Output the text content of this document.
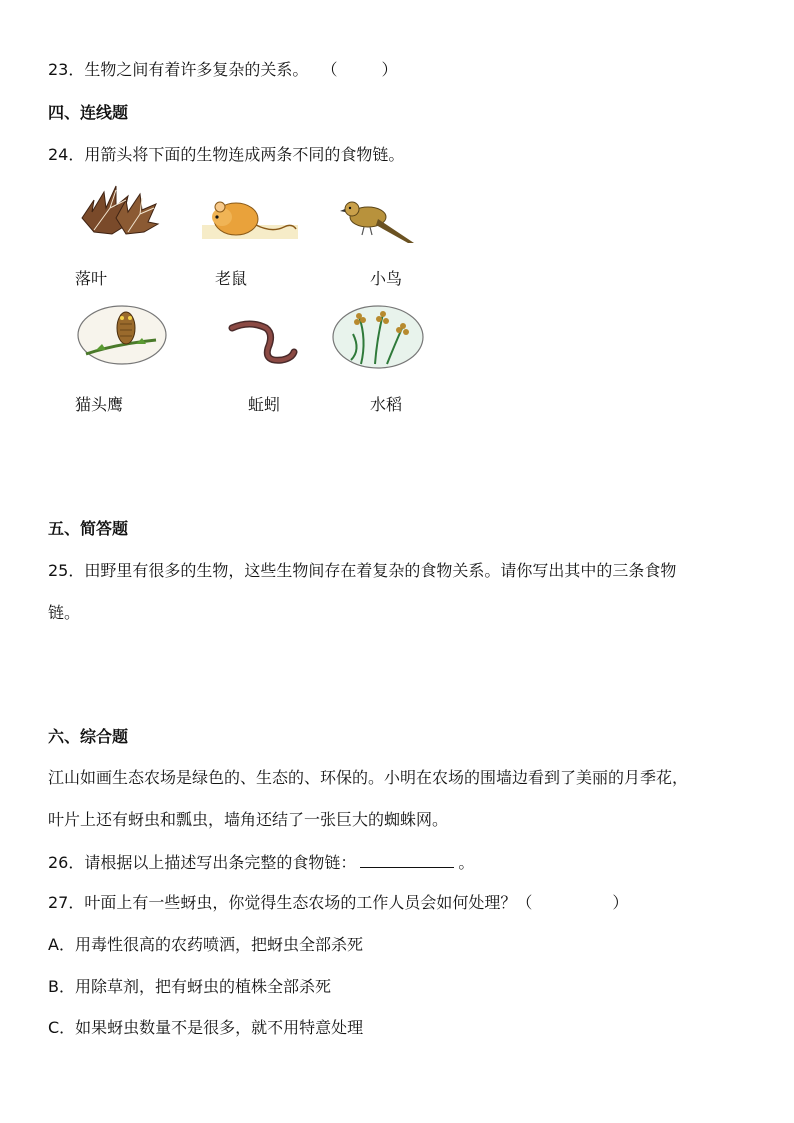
23．生物之间有着许多复杂的关系。 （	）
四、连线题
24．用箭头将下面的生物连成两条不同的食物链。
落叶	老鼠	小鸟
猫头鹰	蚯蚓	水稻
五、简答题
25．田野里有很多的生物，这些生物间存在着复杂的食物关系。请你写出其中的三条食物
链。
六、综合题
江山如画生态农场是绿色的、生态的、环保的。小明在农场的围墙边看到了美丽的月季花，
叶片上还有蚜虫和瓢虫，墙角还结了一张巨大的蜘蛛网。
26．请根据以上描述写出条完整的食物链：	。
27．叶面上有一些蚜虫，你觉得生态农场的工作人员会如何处理？（	）
A．用毒性很高的农药喷洒，把蚜虫全部杀死
B．用除草剂，把有蚜虫的植株全部杀死
C．如果蚜虫数量不是很多，就不用特意处理
